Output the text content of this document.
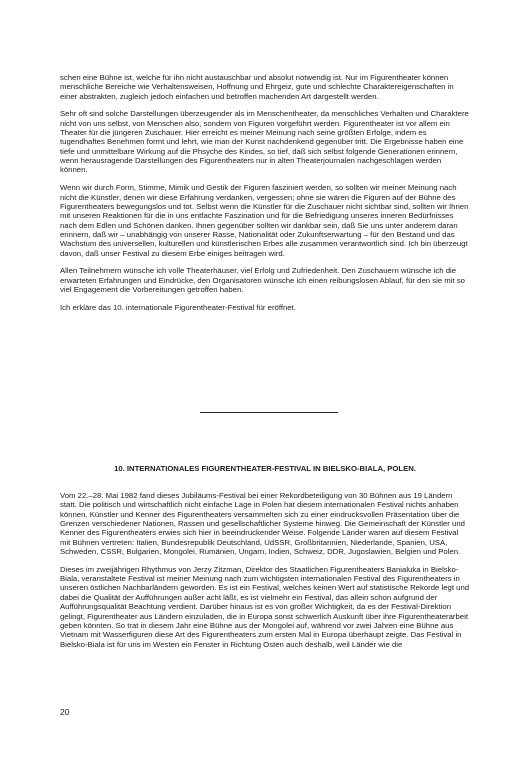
schen eine Bühne ist, welche für ihn nicht austauschbar und absolut notwendig ist. Nur im Figurentheater können menschliche Bereiche wie Verhaltensweisen, Hoffnung und Ehrgeiz, gute und schlechte Charaktereigenschaften in einer abstrakten, zugleich jedoch einfachen und betroffen machenden Art dargestellt werden.

Sehr oft sind solche Darstellungen überzeugender als im Menschentheater, da menschliches Verhalten und Charaktere nicht von uns selbst, von Menschen also, sondern von Figuren vorgeführt werden. Figurentheater ist vor allem ein Theater für die jüngeren Zuschauer. Hier erreicht es meiner Meinung nach seine größten Erfolge, indem es tugendhaftes Benehmen formt und lehrt, wie man der Kunst nachdenkend gegenüber tritt. Die Ergebnisse haben eine tiefe und unmittelbare Wirkung auf die Phsyche des Kindes, so tief, daß sich selbst folgende Generationen erinnern, wenn herausragende Darstellungen des Figurentheaters nur in alten Theaterjournalen nachgeschlagen werden können.

Wenn wir durch Form, Stimme, Mimik und Gestik der Figuren fasziniert werden, so sollten wir meiner Meinung nach nicht die Künstler, denen wir diese Erfahrung verdanken, vergessen; ohne sie wären die Figuren auf der Bühne des Figurentheaters bewegungslos und tot. Selbst wenn die Künstler für die Zuschauer nicht sichtbar sind, sollten wir Ihnen mit unseren Reaktionen für die in uns entfachte Faszination und für die Befriedigung unseres inneren Bedürfnisses nach dem Edlen und Schönen danken. Ihnen gegenüber sollten wir dankbar sein, daß Sie uns unter anderem daran erinnern, daß wir – unabhängig von unserer Rasse, Nationalität oder Zukunftserwartung – für den Bestand und das Wachstum des universellen, kulturellen und künstlerischen Erbes alle zusammen verantwortlich sind. Ich bin überzeugt davon, daß unser Festival zu diesem Erbe einiges beitragen wird.

Allen Teilnehmern wünsche ich volle Theaterhäuser, viel Erfolg und Zufriedenheit. Den Zuschauern wünsche ich die erwarteten Erfahrungen und Eindrücke, den Organisatoren wünsche ich einen reibungslosen Ablauf, für den sie mit so viel Engagement die Vorbereitungen getroffen haben.

Ich erkläre das 10. internationale Figurentheater-Festival für eröffnet.

10. INTERNATIONALES FIGURENTHEATER-FESTIVAL IN BIELSKO-BIALA, POLEN.

Vom 22.–28. Mai 1982 fand dieses Jubiläums-Festival bei einer Rekordbeteiligung von 30 Bühnen aus 19 Ländern statt. Die politisch und wirtschaftlich nicht einfache Lage in Polen hat diesem internationalen Festival nichts anhaben können. Künstler und Kenner des Figurentheaters versammelten sich zu einer eindrucksvollen Präsentation über die Grenzen verschiedener Nationen, Rassen und gesellschaftlicher Systeme hinweg. Die Gemeinschaft der Künstler und Kenner des Figurentheaters erwies sich hier in beeindruckender Weise. Folgende Länder waren auf diesem Festival mit Bühnen vertreten: Italien, Bundesrepublik Deutschland, UdSSR, Großbritannien, Niederlande, Spanien, USA, Schweden, CSSR, Bulgarien, Mongolei, Rumänien, Ungarn, Indien, Schweiz, DDR, Jugoslawien, Belgien und Polen.

Dieses im zweijährigen Rhythmus von Jerzy Zitzman, Direktor des Staatlichen Figurentheaters Banialuka in Bielsko-Biala, veranstaltete Festival ist meiner Meinung nach zum wichtigsten internationalen Festival des Figurentheaters in unseren östlichen Nachbarländern geworden. Es ist ein Festival, welches keinen Wert auf statistische Rekorde legt und dabei die Qualität der Aufführungen außer acht läßt, es ist vielmehr ein Festival, das allein schon aufgrund der Aufführungsqualität Beachtung verdient. Darüber hinaus ist es von großer Wichtigkeit, da es der Festival-Direktion gelingt, Figurentheater aus Ländern einzuladen, die in Europa sonst schwerlich Auskunft über ihre Figurentheaterarbeit geben könnten. So trat in diesem Jahr eine Bühne aus der Mongolei auf, während vor zwei Jahren eine Bühne aus Vietnam mit Wasserfiguren diese Art des Figurentheaters zum ersten Mal in Europa überhaupt zeigte. Das Festival in Bielsko-Biala ist für uns im Westen ein Fenster in Richtung Osten auch deshalb, weil Länder wie die

20
